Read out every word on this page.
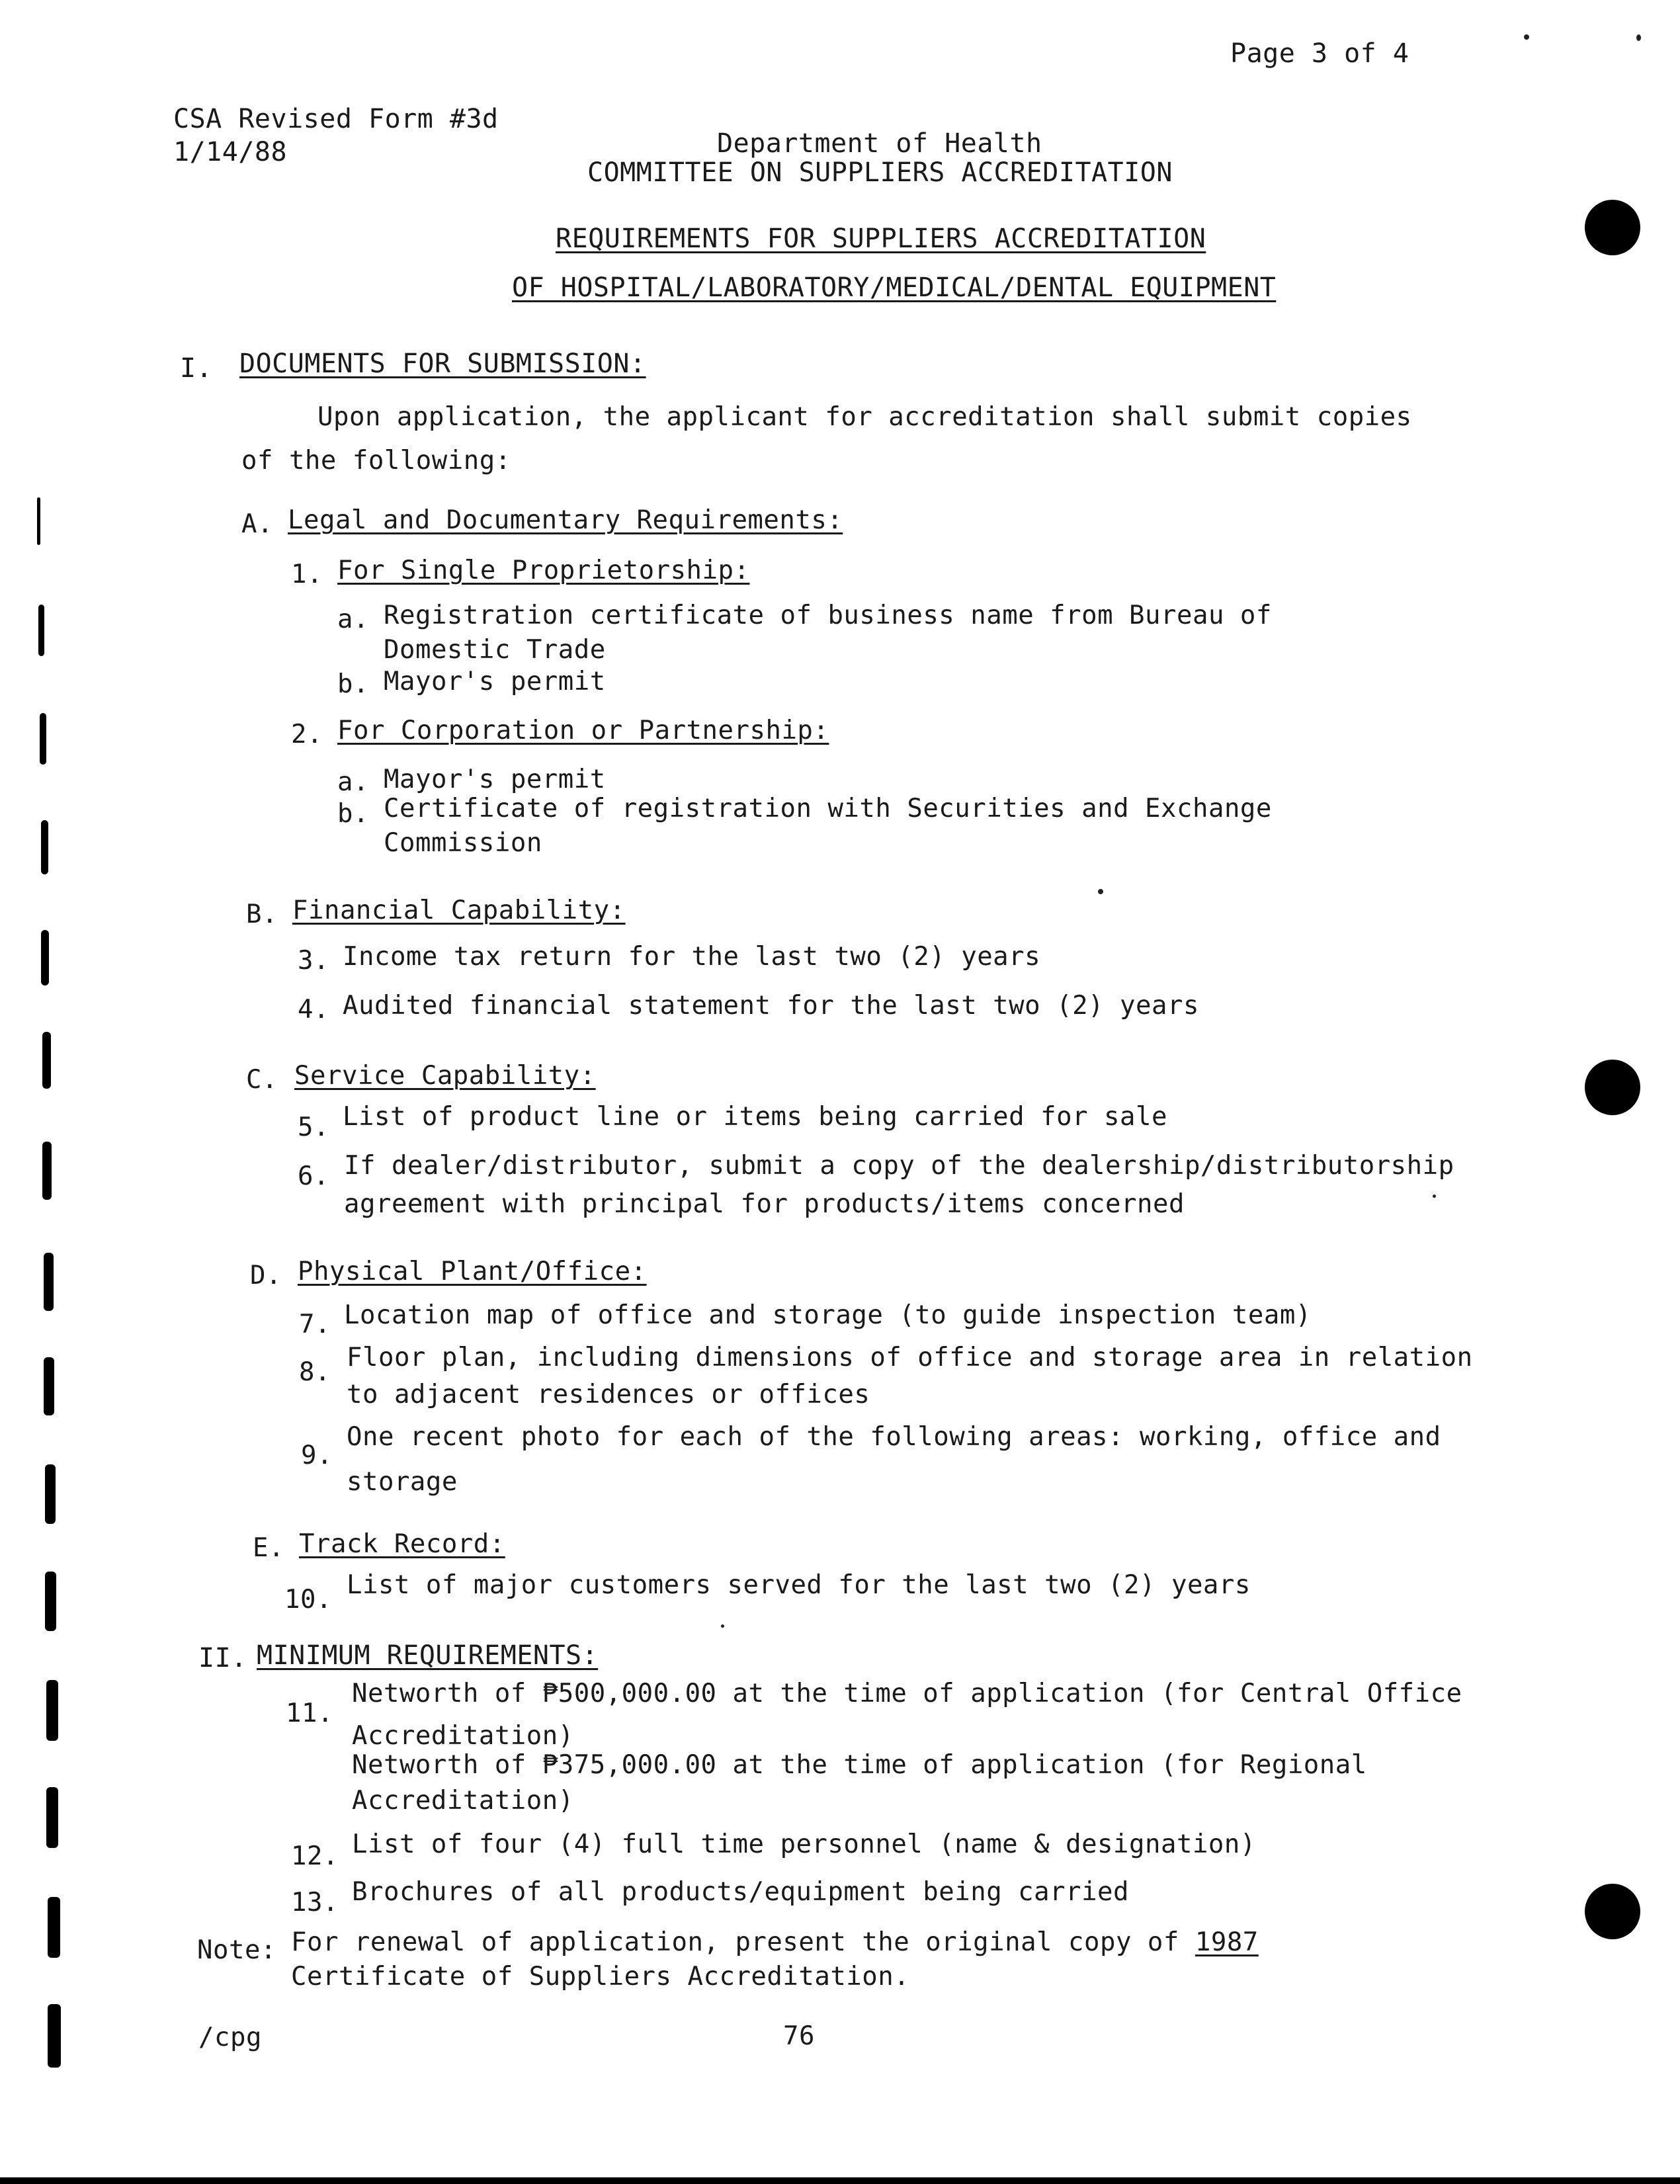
Page 3 of 4
CSA Revised Form #3d
1/14/88	Department of Health
COMMITTEE ON SUPPLIERS ACCREDITATION
REQUIREMENTS FOR SUPPLIERS ACCREDITATION
OF HOSPITAL/LABORATORY/MEDICAL/DENTAL EQUIPMENT
I. DOCUMENTS FOR SUBMISSION:
Upon application, the applicant for accreditation shall submit copies
of the following:
A. Legal and Documentary Requirements:
1. For Single Proprietorship:
a. Registration certificate of business name from Bureau of
Domestic Trade
b. Mayor's permit
2. For Corporation or Partnership:
a. Mayor's permit
b. Certificate of registration with Securities and Exchange
Commission
B. Financial Capability:
3. Income tax return for the last two (2) years
4. Audited financial statement for the last two (2) years
C. Service Capability:
5. List of product line or items being carried for sale
6. If dealer/distributor, submit a copy of the dealership/distributorship
agreement with principal for products/items concerned
D. Physical Plant/Office:
7. Location map of office and storage (to guide inspection team)
8. Floor plan, including dimensions of office and storage area in relation
to adjacent residences or offices
9.
One recent photo for each of the following areas: working, office and
storage
E. Track Record:
10. List of major customers served for the last two (2) years
II. MINIMUM REQUIREMENTS:
11.
Networth of ₱500,000.00 at the time of application (for Central Office
Accreditation)
Networth of ₱375,000.00 at the time of application (for Regional
Accreditation)
12. List of four (4) full time personnel (name & designation)
13. Brochures of all products/equipment being carried
Note: For renewal of application, present the original copy of 1987
Certificate of Suppliers Accreditation.
/cpg	76
